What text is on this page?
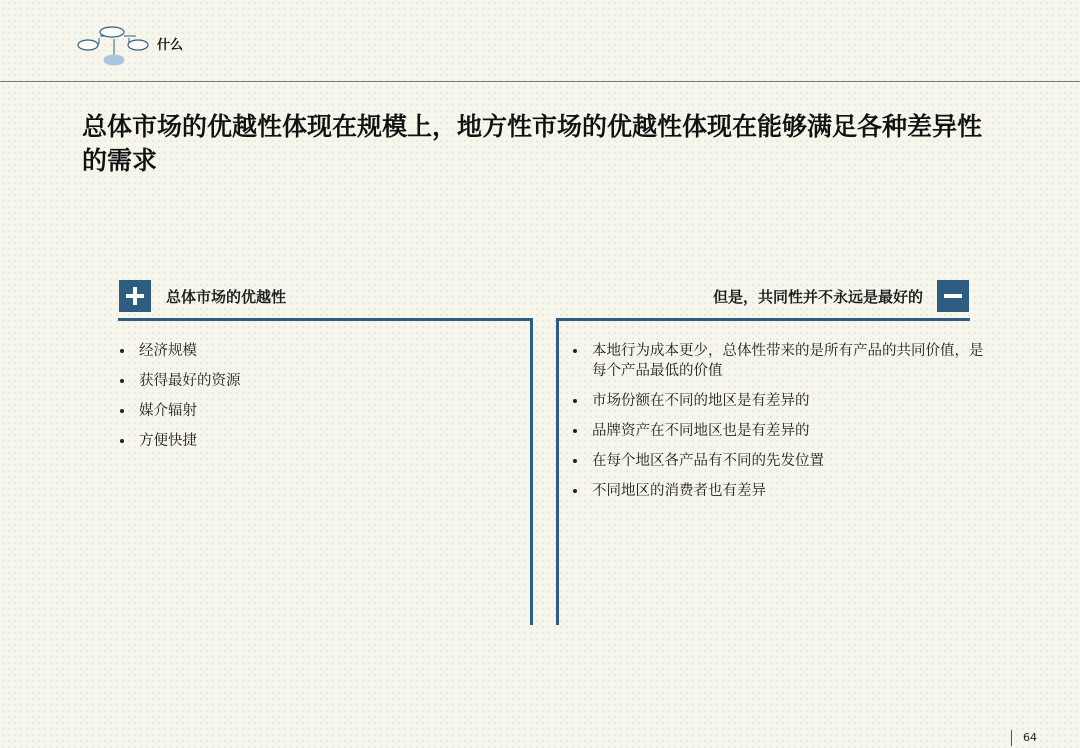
什么
总体市场的优越性体现在规模上，地方性市场的优越性体现在能够满足各种差异性的需求
总体市场的优越性	但是，共同性并不永远是最好的
经济规模
获得最好的资源
媒介辐射
方便快捷
本地行为成本更少，总体性带来的是所有产品的共同价值，是每个产品最低的价值
市场份额在不同的地区是有差异的
品牌资产在不同地区也是有差异的
在每个地区各产品有不同的先发位置
不同地区的消费者也有差异
64
